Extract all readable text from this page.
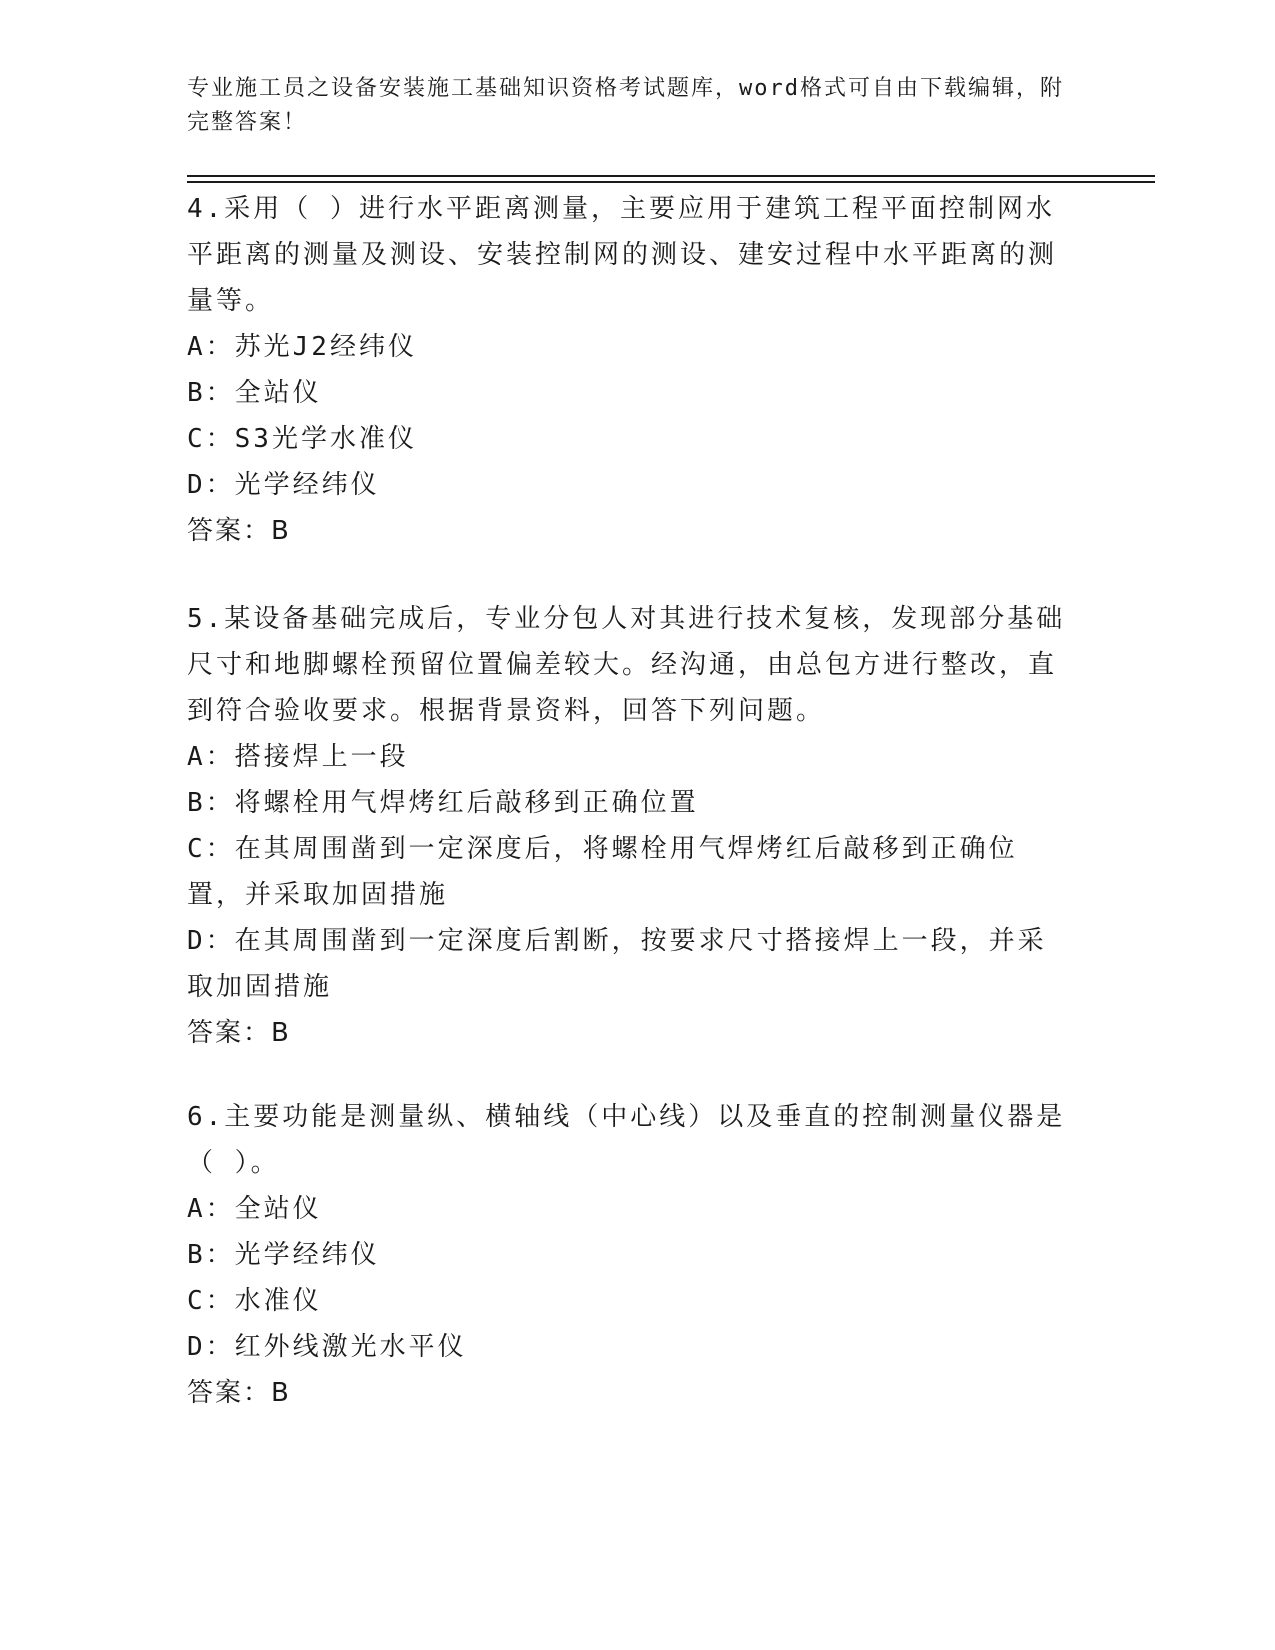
专业施工员之设备安装施工基础知识资格考试题库，word格式可自由下载编辑，附完整答案！

4.采用（ ）进行水平距离测量，主要应用于建筑工程平面控制网水平距离的测量及测设、安装控制网的测设、建安过程中水平距离的测量等。

A：苏光J2经纬仪

B：全站仪

C：S3光学水准仪

D：光学经纬仪

答案：B

5.某设备基础完成后，专业分包人对其进行技术复核，发现部分基础尺寸和地脚螺栓预留位置偏差较大。经沟通，由总包方进行整改，直到符合验收要求。根据背景资料，回答下列问题。

A：搭接焊上一段

B：将螺栓用气焊烤红后敲移到正确位置

C：在其周围凿到一定深度后，将螺栓用气焊烤红后敲移到正确位置，并采取加固措施

D：在其周围凿到一定深度后割断，按要求尺寸搭接焊上一段，并采取加固措施

答案：B

6.主要功能是测量纵、横轴线（中心线）以及垂直的控制测量仪器是（ ）。

A：全站仪

B：光学经纬仪

C：水准仪

D：红外线激光水平仪

答案：B
